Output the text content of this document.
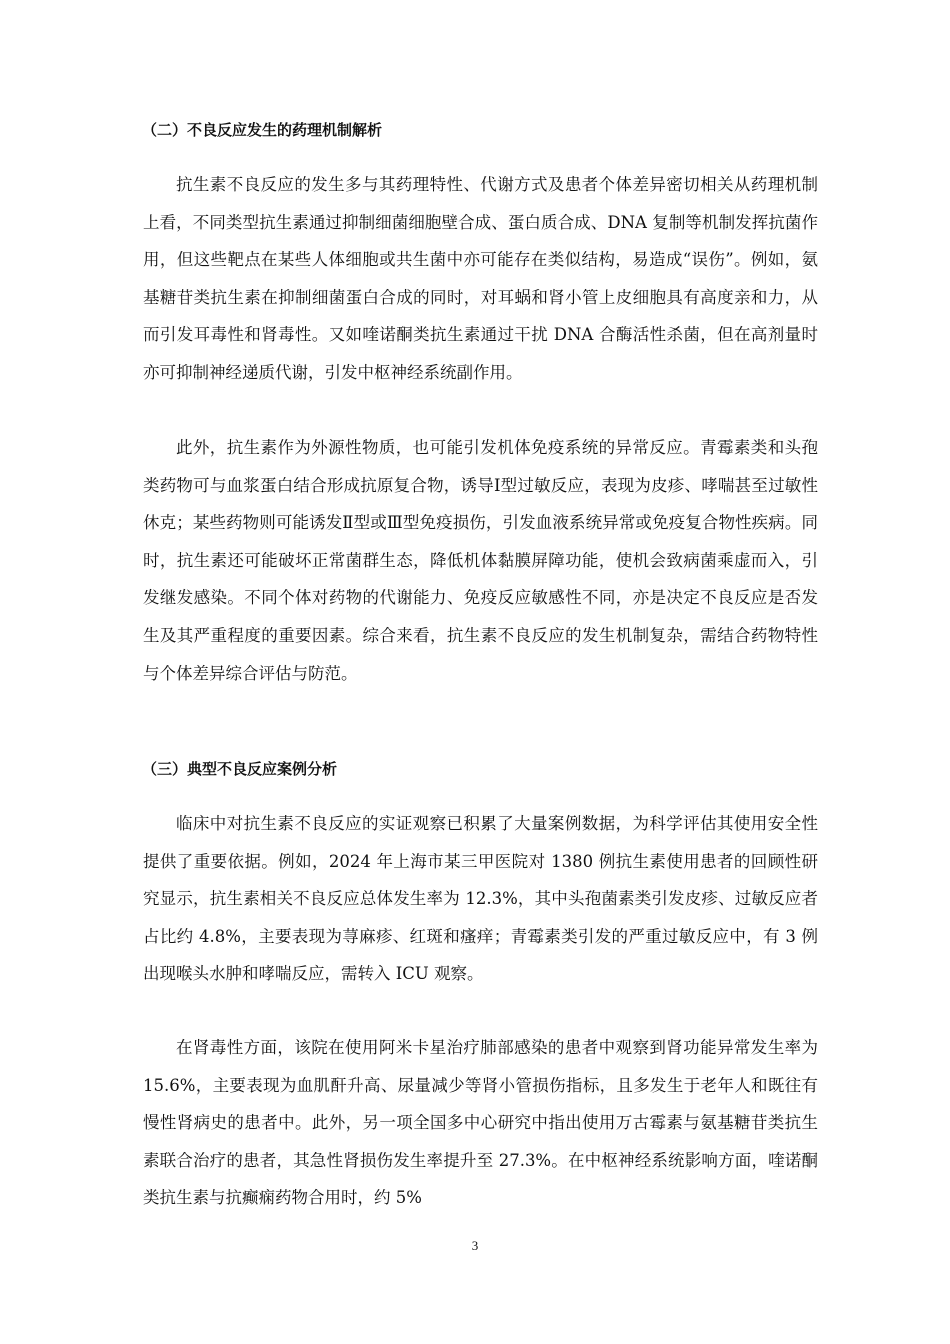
（二）不良反应发生的药理机制解析

抗生素不良反应的发生多与其药理特性、代谢方式及患者个体差异密切相关从药理机制上看，不同类型抗生素通过抑制细菌细胞壁合成、蛋白质合成、DNA 复制等机制发挥抗菌作用，但这些靶点在某些人体细胞或共生菌中亦可能存在类似结构，易造成“误伤”。例如，氨基糖苷类抗生素在抑制细菌蛋白合成的同时，对耳蜗和肾小管上皮细胞具有高度亲和力，从而引发耳毒性和肾毒性。又如喹诺酮类抗生素通过干扰 DNA 合酶活性杀菌，但在高剂量时亦可抑制神经递质代谢，引发中枢神经系统副作用。

此外，抗生素作为外源性物质，也可能引发机体免疫系统的异常反应。青霉素类和头孢类药物可与血浆蛋白结合形成抗原复合物，诱导Ⅰ型过敏反应，表现为皮疹、哮喘甚至过敏性休克；某些药物则可能诱发Ⅱ型或Ⅲ型免疫损伤，引发血液系统异常或免疫复合物性疾病。同时，抗生素还可能破坏正常菌群生态，降低机体黏膜屏障功能，使机会致病菌乘虚而入，引发继发感染。不同个体对药物的代谢能力、免疫反应敏感性不同，亦是决定不良反应是否发生及其严重程度的重要因素。综合来看，抗生素不良反应的发生机制复杂，需结合药物特性与个体差异综合评估与防范。

（三）典型不良反应案例分析

临床中对抗生素不良反应的实证观察已积累了大量案例数据，为科学评估其使用安全性提供了重要依据。例如，2024 年上海市某三甲医院对 1380 例抗生素使用患者的回顾性研究显示，抗生素相关不良反应总体发生率为 12.3%，其中头孢菌素类引发皮疹、过敏反应者占比约 4.8%，主要表现为荨麻疹、红斑和瘙痒；青霉素类引发的严重过敏反应中，有 3 例出现喉头水肿和哮喘反应，需转入 ICU 观察。

在肾毒性方面，该院在使用阿米卡星治疗肺部感染的患者中观察到肾功能异常发生率为 15.6%，主要表现为血肌酐升高、尿量减少等肾小管损伤指标，且多发生于老年人和既往有慢性肾病史的患者中。此外，另一项全国多中心研究中指出使用万古霉素与氨基糖苷类抗生素联合治疗的患者，其急性肾损伤发生率提升至 27.3%。在中枢神经系统影响方面，喹诺酮类抗生素与抗癫痫药物合用时，约 5%

3
